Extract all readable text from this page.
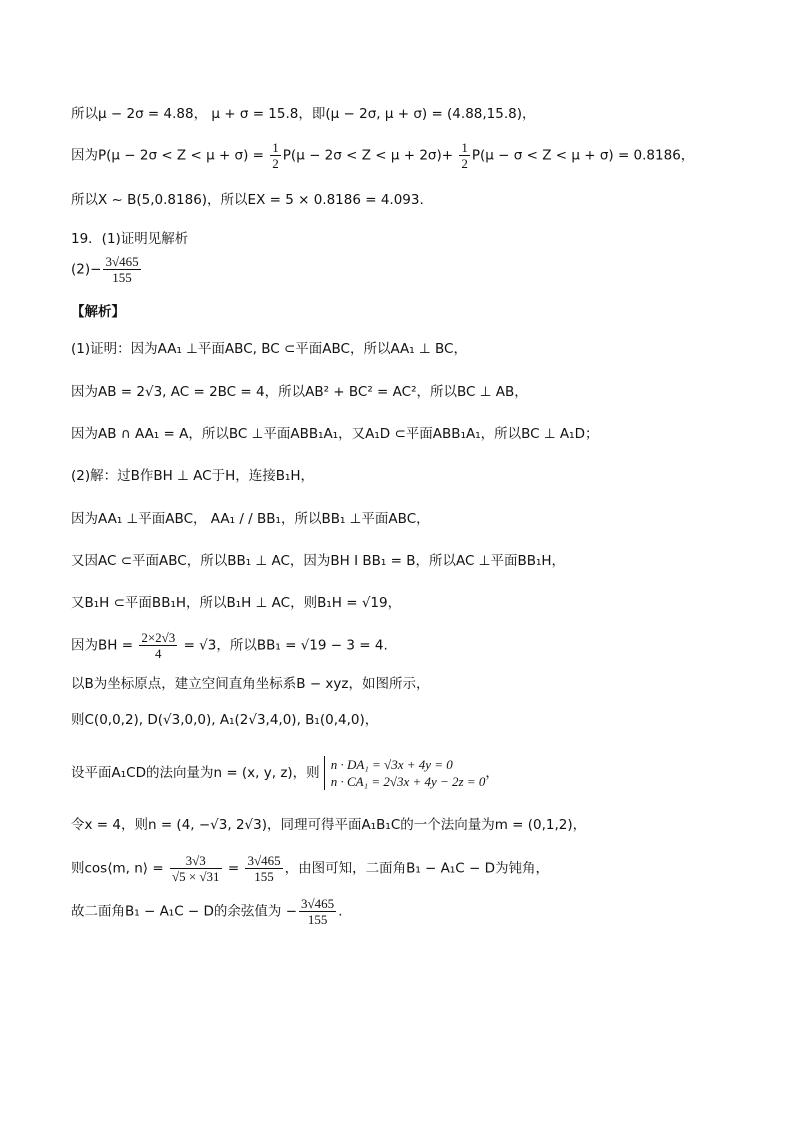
所以μ − 2σ = 4.88， μ + σ = 15.8，即(μ − 2σ, μ + σ) = (4.88,15.8)，
因为$P(\mu - 2\sigma < Z < \mu + \sigma) = \frac{1}{2} P(\mu - 2\sigma < Z < \mu + 2\sigma)+ \frac{1}{2} P(\mu - \sigma < Z < \mu + \sigma) = 0.8186$，
所以X ~ B(5,0.8186)，所以EX = 5 × 0.8186 = 4.093.
19．(1)证明见解析
$(2)- \frac{3√465}{155}$
【解析】
(1)证明：因为AA₁ ⊥平面ABC, BC ⊂平面ABC，所以AA₁ ⊥ BC，
因为AB = 2√3, AC = 2BC = 4，所以AB² + BC² = AC²，所以BC ⊥ AB，
因为AB ∩ AA₁ = A，所以BC ⊥平面ABB₁A₁，又A₁D ⊂平面ABB₁A₁，所以BC ⊥ A₁D；
(2)解：过B作BH ⊥ AC于H，连接B₁H，
因为AA₁ ⊥平面ABC， AA₁ / / BB₁，所以BB₁ ⊥平面ABC，
又因AC ⊂平面ABC，所以BB₁ ⊥ AC，因为BH I BB₁ = B，所以AC ⊥平面BB₁H，
又B₁H ⊂平面BB₁H，所以B₁H ⊥ AC，则B₁H = √19，
因为BH = $\frac{2\times 2√3}{4} = √3$，所以BB₁ = √19 − 3 = 4.
以B为坐标原点，建立空间直角坐标系B − xyz，如图所示，
则C(0,0,2), D(√3,0,0), A₁(2√3,4,0), B₁(0,4,0)，
设平面A₁CD的法向量为n = (x, y, z)，则
n · DA₁ = √3x + 4y = 0
n · CA₁ = 2√3x + 4y − 2z = 0
，
令x = 4，则n = (4, −√3, 2√3)，同理可得平面A₁B₁C的一个法向量为m = (0,1,2)，
则cos⟨m, n⟩ = $\frac{3√3}{√5 \times √31} = \frac{3√465}{155}$ ，由图可知，二面角B₁ − A₁C − D为钝角，
故二面角B₁ − A₁C − D的余弦值为 − $\frac{3√465}{155}$ .
